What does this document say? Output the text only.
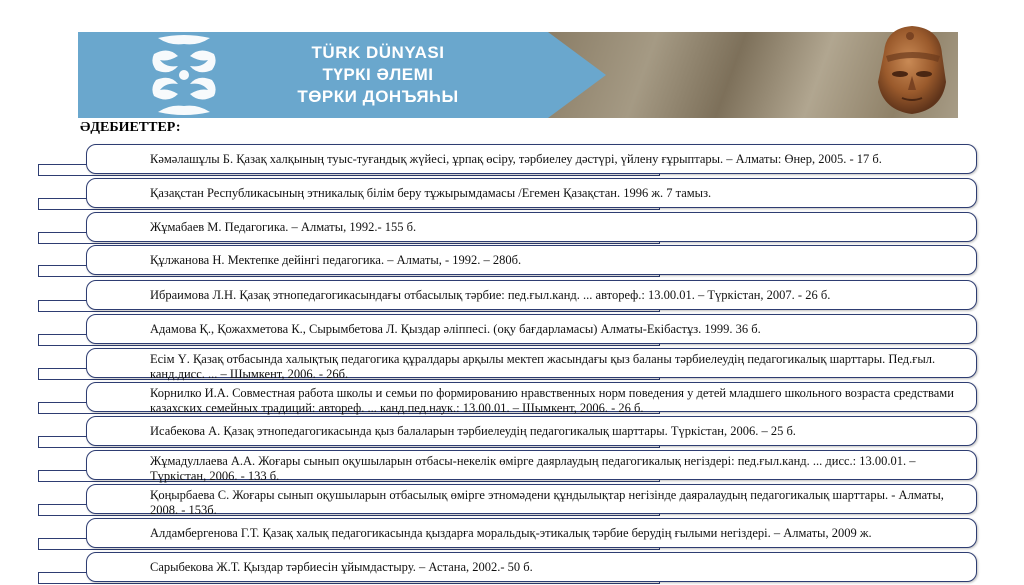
TÜRK DÜNYASI
ТҮРКІ ӘЛЕМІ
ТӨРКИ ДОНЪЯҺЫ
ӘДЕБИЕТТЕР:
Кәмәлашұлы Б. Қазақ халқының туыс-туғандық жүйесі, ұрпақ өсіру, тәрбиелеу дәстүрі, үйлену ғұрыптары. – Алматы: Өнер, 2005. - 17 б.
Қазақстан Республикасының этникалық білім беру тұжырымдамасы /Егемен Қазақстан. 1996 ж. 7 тамыз.
Жұмабаев М. Педагогика. – Алматы, 1992.- 155 б.
Құлжанова Н. Мектепке дейінгі педагогика. – Алматы, - 1992. – 280б.
Ибраимова Л.Н. Қазақ этнопедагогикасындағы отбасылық тәрбие: пед.ғыл.канд. ... автореф.: 13.00.01. – Түркістан, 2007. - 26 б.
Адамова Қ., Қожахметова К., Сырымбетова Л. Қыздар әліппесі. (оқу бағдарламасы) Алматы-Екібастұз. 1999. 36 б.
Есім Ү. Қазақ отбасында халықтық педагогика құралдары арқылы мектеп жасындағы қыз баланы тәрбиелеудің педагогикалық шарттары. Пед.ғыл. канд.дисс. ... – Шымкент, 2006. - 26б.
Корнилко И.А. Совместная работа школы и семьи по формированию нравственных норм поведения у детей младшего школьного возраста средствами казахских семейных традиций: автореф. ... канд.пед.наук.: 13.00.01. – Шымкент, 2006. - 26 б.
Исабекова А. Қазақ этнопедагогикасында қыз балаларын тәрбиелеудің педагогикалық шарттары. Түркістан, 2006. – 25 б.
Жұмадуллаева А.А. Жоғары сынып оқушыларын отбасы-некелік өмірге даярлаудың педагогикалық негіздері: пед.ғыл.канд. ... дисс.: 13.00.01. –Түркістан, 2006. - 133 б.
Қоңырбаева С. Жоғары сынып оқушыларын отбасылық өмірге этномәдени құндылықтар негізінде даяралаудың педагогикалық шарттары. - Алматы, 2008. - 153б.
Алдамбергенова Г.Т. Қазақ халық педагогикасында қыздарға моральдық-этикалық тәрбие берудің ғылыми негіздері. – Алматы, 2009 ж.
Сарыбекова Ж.Т. Қыздар тәрбиесін ұйымдастыру. – Астана, 2002.- 50 б.
